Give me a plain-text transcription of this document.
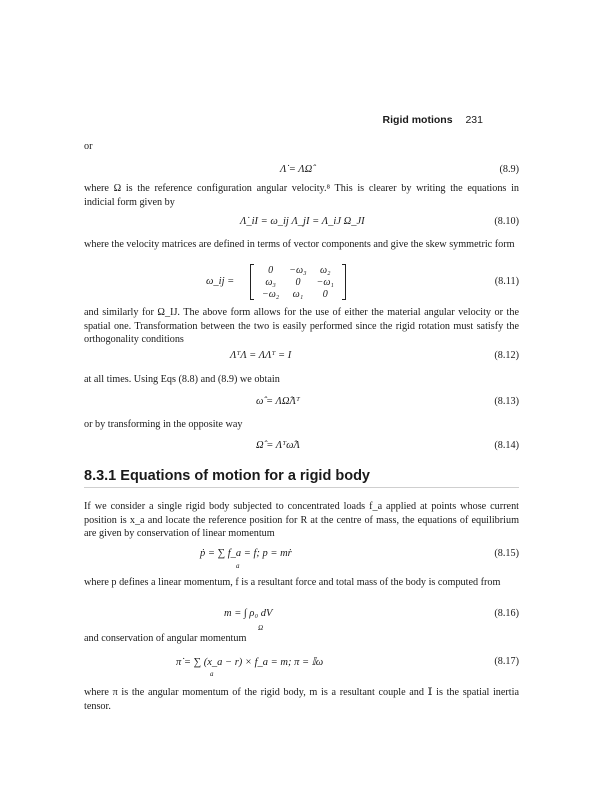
Rigid motions 231
or
Λ̇ = ΛΩ̂	(8.9)
where Ω is the reference configuration angular velocity.⁸ This is clearer by writing the equations in indicial form given by
Λ̇_iI = ω_ij Λ_jI = Λ_iJ Ω_JI	(8.10)
where the velocity matrices are defined in terms of vector components and give the skew symmetric form
ω_ij =
0	−ω₃	ω₂
ω₃	0	−ω₁
−ω₂	ω₁	0
(8.11)
and similarly for Ω_IJ. The above form allows for the use of either the material angular velocity or the spatial one. Transformation between the two is easily performed since the rigid rotation must satisfy the orthogonality conditions
ΛᵀΛ = ΛΛᵀ = I	(8.12)
at all times. Using Eqs (8.8) and (8.9) we obtain
ω̂ = ΛΩ̂Λᵀ	(8.13)
or by transforming in the opposite way
Ω̂ = Λᵀω̂Λ	(8.14)
8.3.1 Equations of motion for a rigid body
If we consider a single rigid body subjected to concentrated loads f_a applied at points whose current position is x_a and locate the reference position for R at the centre of mass, the equations of equilibrium are given by conservation of linear momentum
ṗ = ∑ f_a = f; p = mṙ
a
(8.15)
where p defines a linear momentum, f is a resultant force and total mass of the body is computed from
m = ∫ ρ₀ dV
Ω
(8.16)
and conservation of angular momentum
π̇ = ∑ (x_a − r) × f_a = m; π = 𝕀ω
a
(8.17)
where π is the angular momentum of the rigid body, m is a resultant couple and 𝕀 is the spatial inertia tensor.
